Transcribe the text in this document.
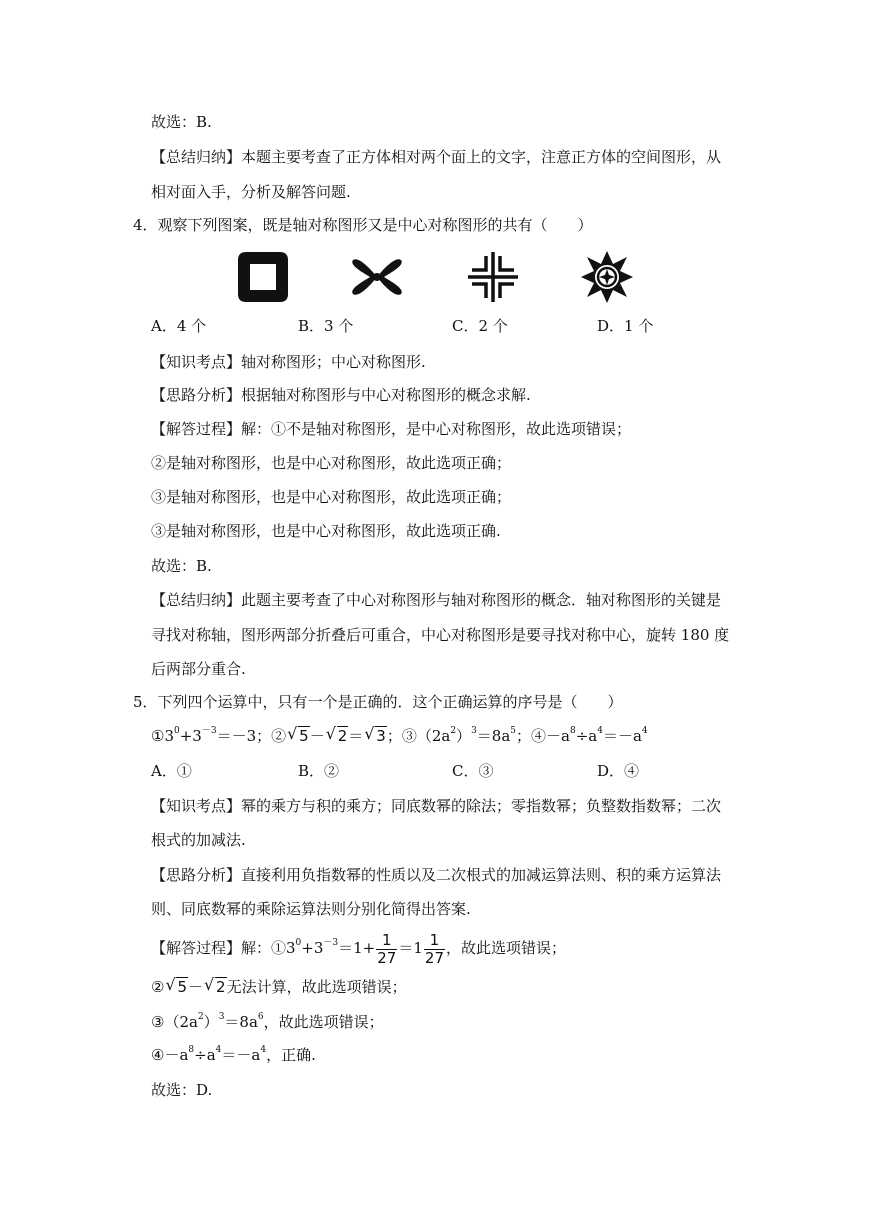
故选：B.
【总结归纳】本题主要考查了正方体相对两个面上的文字，注意正方体的空间图形，从
相对面入手，分析及解答问题.
4．观察下列图案，既是轴对称图形又是中心对称图形的共有（　　）
A．4 个	B．3 个	C．2 个	D．1 个
【知识考点】轴对称图形；中心对称图形.
【思路分析】根据轴对称图形与中心对称图形的概念求解.
【解答过程】解：①不是轴对称图形，是中心对称图形，故此选项错误；
②是轴对称图形，也是中心对称图形，故此选项正确；
③是轴对称图形，也是中心对称图形，故此选项正确；
③是轴对称图形，也是中心对称图形，故此选项正确.
故选：B.
【总结归纳】此题主要考查了中心对称图形与轴对称图形的概念．轴对称图形的关键是
寻找对称轴，图形两部分折叠后可重合，中心对称图形是要寻找对称中心，旋转 180 度
后两部分重合.
5．下列四个运算中，只有一个是正确的．这个正确运算的序号是（　　）
$①3^0+3^{-3}=-3$；② √ 5－ √ 2＝ √ 3；$③(2a^2)^3=8a^5$；$④-a^8\div a^4=-a^4$
A．①	B．②	C．③	D．④
【知识考点】幂的乘方与积的乘方；同底数幂的除法；零指数幂；负整数指数幂；二次
根式的加减法.
【思路分析】直接利用负指数幂的性质以及二次根式的加减运算法则、积的乘方运算法
则、同底数幂的乘除运算法则分别化简得出答案.
【解答过程】解：$①3^0+3^{-3}=1+ \frac{1}{27} =1 \frac{1}{27}$ ，故此选项错误；
② √ 5－ √ 2无法计算，故此选项错误；
$③(2a^2)^3=8a^6$，故此选项错误；
$④-a^8\div a^4=-a^4$，正确.
故选：D.
